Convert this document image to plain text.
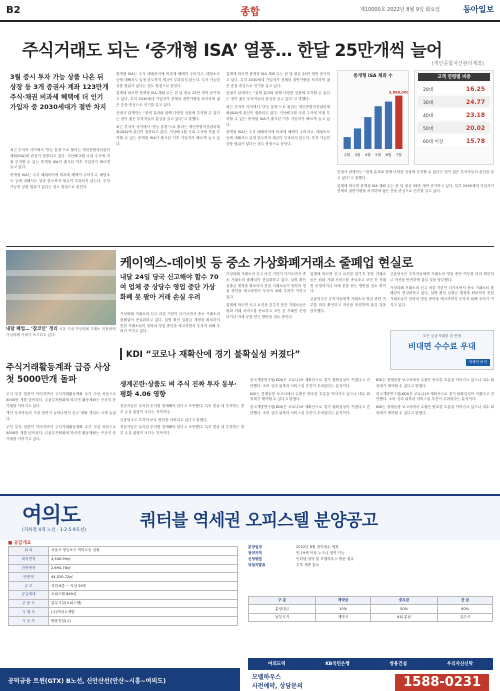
B2	종합	제10000호 2022년 8월 9일 화요일	동아일보
주식거래도 되는 ‘중개형 ISA’ 열풍… 한달 25만개씩 늘어
(개인종합자산관리계좌)
3월 증시 투자 가능 상품 나온 뒤 상장 등 3개 증권사 계좌 123만개 주식·채권 비과세 혜택에 더 인기 가입자 중 2030세대가 절반 차지

최근 투자자 사이에서 ‘만능 통장’으로 불리는 개인종합자산관리계좌(ISA)에 관심이 집중되고 있다. 지난해 2월 국내 주식에 직접 투자할 수 있는 중개형 ISA가 출시된 이후 가입자가 빠르게 늘고 있다.

중개형 ISA는 주식 매매차익에 비과세 혜택이 주어지고, 배당소득 등에 대해서도 일정 한도까지 세금이 부과되지 않는다. 투자 가능한 상품 범위가 넓다는 점도 장점으로 꼽힌다.

중개형 ISA는 주식 매매차익에 비과세 혜택이 주어지고, 배당소득 등에 대해서도 일정 한도까지 세금이 부과되지 않는다. 투자 가능한 상품 범위가 넓다는 점도 장점으로 꼽힌다.

업계에 따르면 중개형 ISA 계좌 수는 한 달 평균 25만 개씩 증가하고 있다. 특히 2030세대 가입자가 전체의 절반가량을 차지하며 젊은 층을 중심으로 인기를 끌고 있다.

증권사 관계자는 “절세 효과와 함께 다양한 상품에 투자할 수 있다는 점이 젊은 투자자들의 관심을 끌고 있다”고 말했다.

최근 투자자 사이에서 ‘만능 통장’으로 불리는 개인종합자산관리계좌(ISA)에 관심이 집중되고 있다. 지난해 2월 국내 주식에 직접 투자할 수 있는 중개형 ISA가 출시된 이후 가입자가 빠르게 늘고 있다.

업계에 따르면 중개형 ISA 계좌 수는 한 달 평균 25만 개씩 증가하고 있다. 특히 2030세대 가입자가 전체의 절반가량을 차지하며 젊은 층을 중심으로 인기를 끌고 있다.

증권사 관계자는 “절세 효과와 함께 다양한 상품에 투자할 수 있다는 점이 젊은 투자자들의 관심을 끌고 있다”고 말했다.

최근 투자자 사이에서 ‘만능 통장’으로 불리는 개인종합자산관리계좌(ISA)에 관심이 집중되고 있다. 지난해 2월 국내 주식에 직접 투자할 수 있는 중개형 ISA가 출시된 이후 가입자가 빠르게 늘고 있다.

중개형 ISA는 주식 매매차익에 비과세 혜택이 주어지고, 배당소득 등에 대해서도 일정 한도까지 세금이 부과되지 않는다. 투자 가능한 상품 범위가 넓다는 점도 장점으로 꼽힌다.

증권사 관계자는 “절세 효과와 함께 다양한 상품에 투자할 수 있다는 점이 젊은 투자자들의 관심을 끌고 있다”고 말했다.

업계에 따르면 중개형 ISA 계좌 수는 한 달 평균 25만 개씩 증가하고 있다. 특히 2030세대 가입자가 전체의 절반가량을 차지하며 젊은 층을 중심으로 인기를 끌고 있다.

중개형 ISA 계좌 수
2월 3월 4월 5월 6월 7월
3,688,000
고객 연령별 비중
20대	16.25
30대	24.77
40대	23.18
50대	20.02
60대 이상	15.78
내달 폐업… ‘잡코인’ 정리 서울 시내 가상화폐 거래소 전광판에 가상화폐 시세가 표시되고 있다.
케이엑스-데이빗 등 중소 가상화폐거래소 줄폐업 현실로
내달 24일 당국 신고해야 할수 70여 업체 중 상당수 영업 중단 가상 화폐 못 팔아 거래 손실 우려

가상화폐 거래소의 신고 마감 기한이 다가오면서 중소 거래소의 줄폐업이 현실화하고 있다. 실명 확인 입출금 계정을 확보하지 못한 거래소들이 잇따라 영업 중단을 예고하면서 투자자 피해 우려가 커지고 있다.

가상화폐 거래소의 신고 마감 기한이 다가오면서 중소 거래소의 줄폐업이 현실화하고 있다. 실명 확인 입출금 계정을 확보하지 못한 거래소들이 잇따라 영업 중단을 예고하면서 투자자 피해 우려가 커지고 있다.

업계에 따르면 신고 요건을 갖추지 못한 거래소들은 원화 거래 서비스를 종료하고 코인 간 거래만 운영하거나 아예 문을 닫는 방안을 검토 중이다.

업계에 따르면 신고 요건을 갖추지 못한 거래소들은 원화 거래 서비스를 종료하고 코인 간 거래만 운영하거나 아예 문을 닫는 방안을 검토 중이다.

금융당국은 투자자들에게 거래소의 영업 중단 여부를 미리 확인하고 자산을 안전하게 옮길 것을 당부했다.

금융당국은 투자자들에게 거래소의 영업 중단 여부를 미리 확인하고 자산을 안전하게 옮길 것을 당부했다.

가상화폐 거래소의 신고 마감 기한이 다가오면서 중소 거래소의 줄폐업이 현실화하고 있다. 실명 확인 입출금 계정을 확보하지 못한 거래소들이 잇따라 영업 중단을 예고하면서 투자자 피해 우려가 커지고 있다.

모든 금융거래를 한 번에
비대면 수수료 우대
자세히 보기
KDI “코로나 재확산에 경기 불확실성 커졌다”

한국개발연구원(KDI)은 코로나19 재확산으로 경기 불확실성이 커졌다고 진단했다. 소비 심리 위축과 서비스업 부진이 우려된다는 분석이다.

KDI는 경제동향 보고서에서 수출은 양호한 흐름을 이어가고 있으나 내수 회복세가 제약될 수 있다고 밝혔다.

한국개발연구원(KDI)은 코로나19 재확산으로 경기 불확실성이 커졌다고 진단했다. 소비 심리 위축과 서비스업 부진이 우려된다는 분석이다.

KDI는 경제동향 보고서에서 수출은 양호한 흐름을 이어가고 있으나 내수 회복세가 제약될 수 있다고 밝혔다.

한국개발연구원(KDI)은 코로나19 재확산으로 경기 불확실성이 커졌다고 진단했다. 소비 심리 위축과 서비스업 부진이 우려된다는 분석이다.

KDI는 경제동향 보고서에서 수출은 양호한 흐름을 이어가고 있으나 내수 회복세가 제약될 수 있다고 밝혔다.

주식거래활동계좌 급증 사상 첫 5000만개 돌파

주식 투자 열풍이 이어지면서 주식거래활동계좌 수가 사상 처음으로 5000만 개를 넘어섰다. 금융투자협회에 따르면 활동계좌는 꾸준히 증가세를 이어가고 있다.

개인 투자자들의 시장 참여가 늘어나면서 신규 계좌 개설도 크게 늘었다.

주식 투자 열풍이 이어지면서 주식거래활동계좌 수가 사상 처음으로 5000만 개를 넘어섰다. 금융투자협회에 따르면 활동계좌는 꾸준히 증가세를 이어가고 있다.

생계곤란·상품도 벼 주식 진짜 투자 동부·평화 4.06 영향

전문가들은 무리한 투자를 경계해야 한다고 조언했다. 특히 빚을 내 투자하는 경우 손실 위험이 크다는 지적이다.

금융당국도 투자자 보호 방안을 마련하고 있다고 밝혔다.

전문가들은 무리한 투자를 경계해야 한다고 조언했다. 특히 빚을 내 투자하는 경우 손실 위험이 크다는 지적이다.

여의도
(지하철 4개 노선 · 1·2·5·9호선)	쿼터블 역세권 오피스텔 분양공고
■ 공급개요
위 치	서울시 영등포구 여의도동 일원
대지면적	4,540.99㎡
건축면적	2,694.78㎡
연면적	44,520.72㎡
규 모	지하 6층 ~ 지상 29층
공급세대	오피스텔 849실
주 용 도	업무시설(오피스텔)
시 행 사	(주)여의도개발
시 공 사	쌍용건설(주)
분양일정	2022년 8월 청약접수 예정
청약자격	만 19세 이상 누구나 청약 가능
신청방법	인터넷 청약 및 모델하우스 방문 접수
당첨자발표	추후 개별 통보
구 분	계약금	중도금	잔 금
분양대금	10%	50%	40%
납부시기	계약시	6회 분납	입주시
여의도역	KB국민은행	쌍용건설	우리자산신탁
공덕금융 트윈(GTX) B노선, 신안산선(안산~시흥~여의도)
모델하우스
사전예약, 상담문의	1588-0231
